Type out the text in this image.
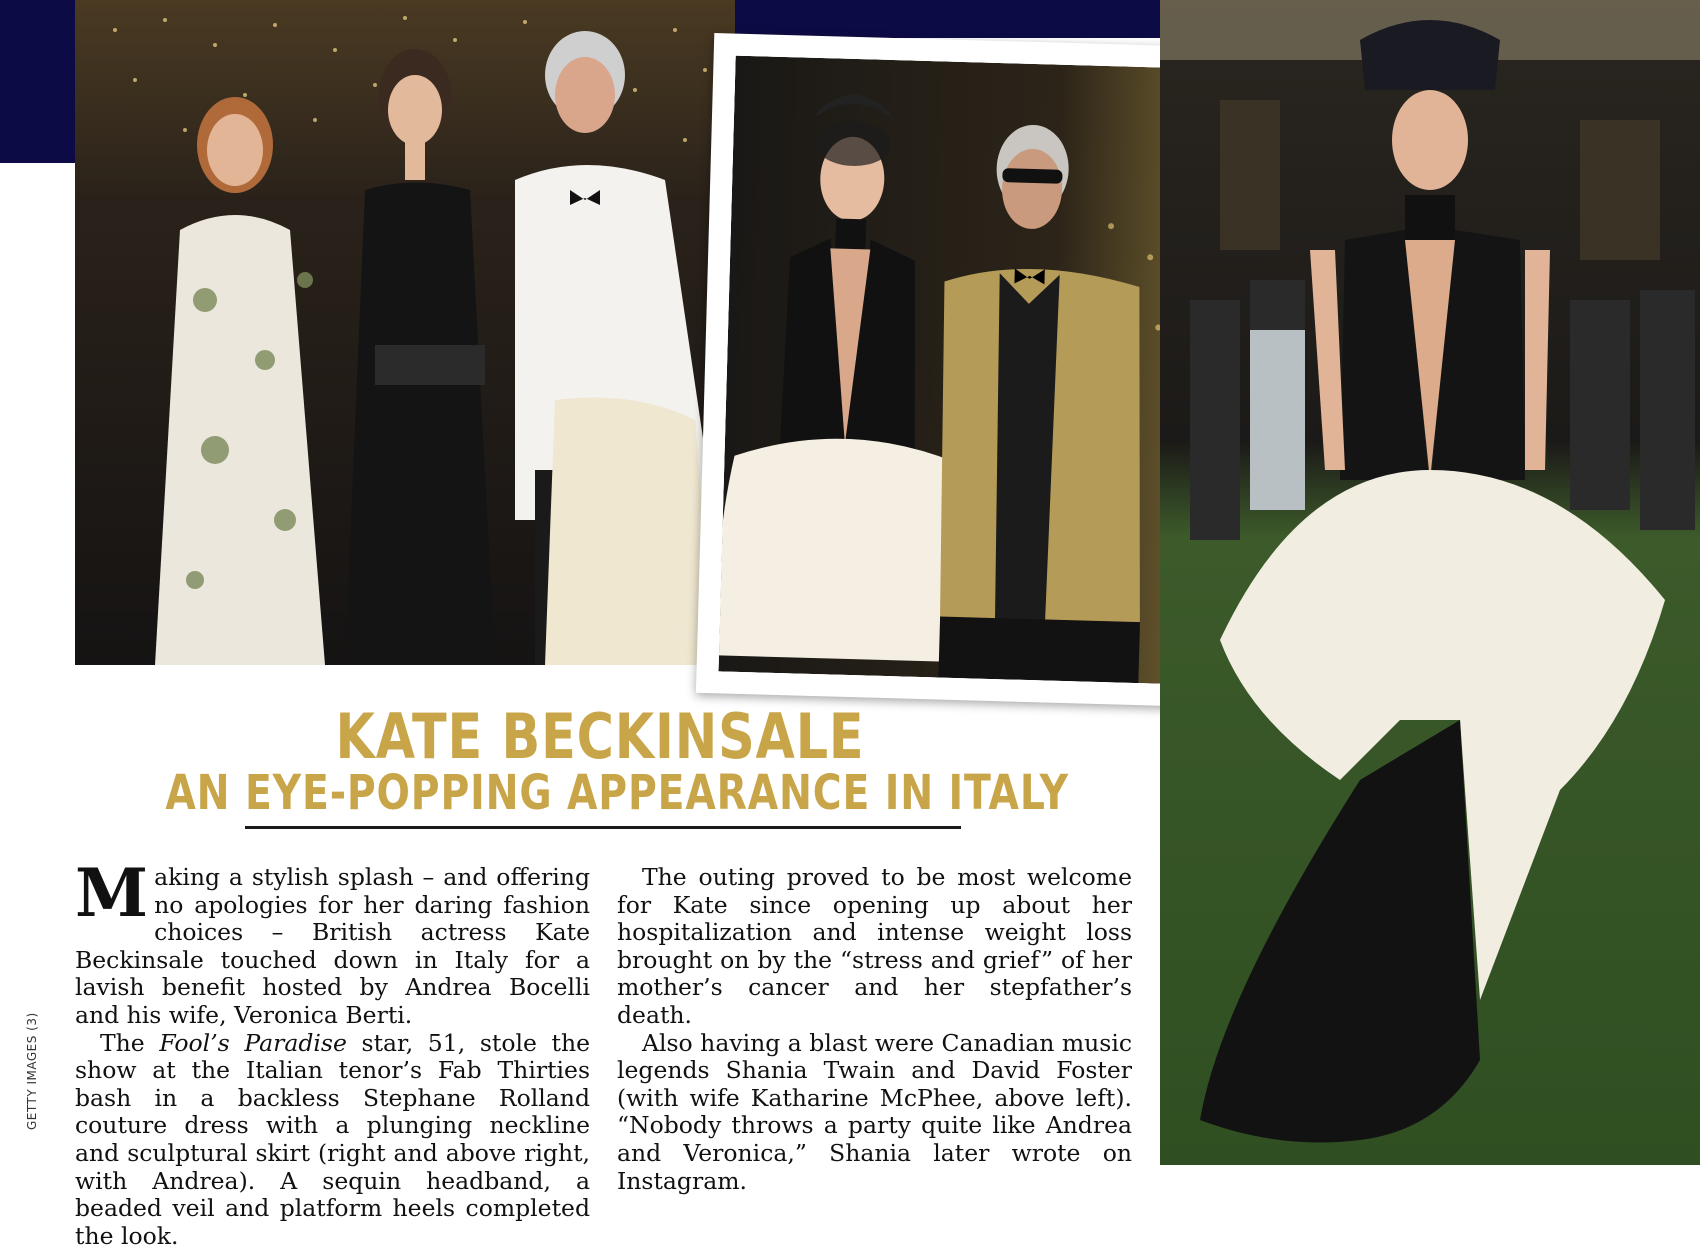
KATE BECKINSALE
AN EYE-POPPING APPEARANCE IN ITALY

Making a stylish splash – and offering no apologies for her daring fashion choices – British actress Kate Beckinsale touched down in Italy for a lavish benefit hosted by Andrea Bocelli and his wife, Veronica Berti.

The Fool’s Paradise star, 51, stole the show at the Italian tenor’s Fab Thirties bash in a backless Stephane Rolland couture dress with a plunging neckline and sculptural skirt (right and above right, with Andrea). A sequin headband, a beaded veil and platform heels completed the look.

The outing proved to be most welcome for Kate since opening up about her hospitalization and intense weight loss brought on by the “stress and grief” of her mother’s cancer and her stepfather’s death.

Also having a blast were Canadian music legends Shania Twain and David Foster (with wife Katharine McPhee, above left). “Nobody throws a party quite like Andrea and Veronica,” Shania later wrote on Instagram.

GETTY IMAGES (3)
